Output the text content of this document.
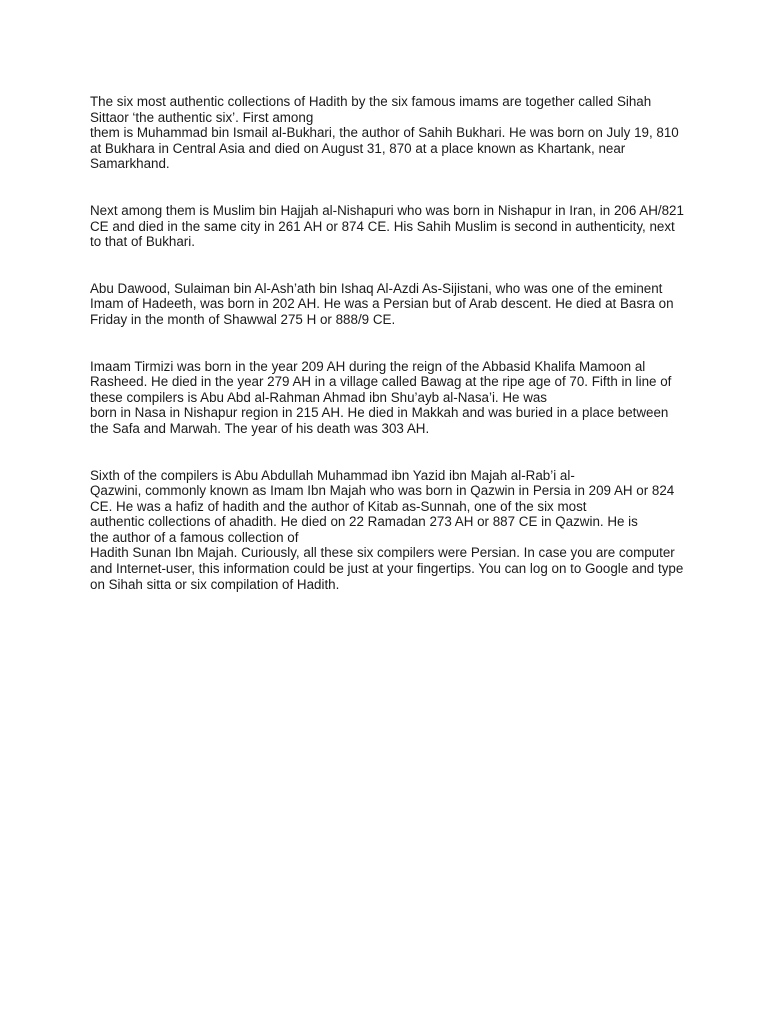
The six most authentic collections of Hadith by the six famous imams are together called Sihah
Sittaor ‘the authentic six’. First among
them is Muhammad bin Ismail al-Bukhari, the author of Sahih Bukhari. He was born on July 19, 810
at Bukhara in Central Asia and died on August 31, 870 at a place known as Khartank, near
Samarkhand.

Next among them is Muslim bin Hajjah al-Nishapuri who was born in Nishapur in Iran, in 206 AH/821
CE and died in the same city in 261 AH or 874 CE. His Sahih Muslim is second in authenticity, next
to that of Bukhari.

Abu Dawood, Sulaiman bin Al-Ash’ath bin Ishaq Al-Azdi As-Sijistani, who was one of the eminent
Imam of Hadeeth, was born in 202 AH. He was a Persian but of Arab descent. He died at Basra on
Friday in the month of Shawwal 275 H or 888/9 CE.

Imaam Tirmizi was born in the year 209 AH during the reign of the Abbasid Khalifa Mamoon al
Rasheed. He died in the year 279 AH in a village called Bawag at the ripe age of 70. Fifth in line of
these compilers is Abu Abd al-Rahman Ahmad ibn Shu’ayb al-Nasa’i. He was
born in Nasa in Nishapur region in 215 AH. He died in Makkah and was buried in a place between
the Safa and Marwah. The year of his death was 303 AH.

Sixth of the compilers is Abu Abdullah Muhammad ibn Yazid ibn Majah al-Rab’i al-
Qazwini, commonly known as Imam Ibn Majah who was born in Qazwin in Persia in 209 AH or 824
CE. He was a hafiz of hadith and the author of Kitab as-Sunnah, one of the six most
authentic collections of ahadith. He died on 22 Ramadan 273 AH or 887 CE in Qazwin. He is
the author of a famous collection of
Hadith Sunan Ibn Majah. Curiously, all these six compilers were Persian. In case you are computer
and Internet-user, this information could be just at your fingertips. You can log on to Google and type
on Sihah sitta or six compilation of Hadith.
